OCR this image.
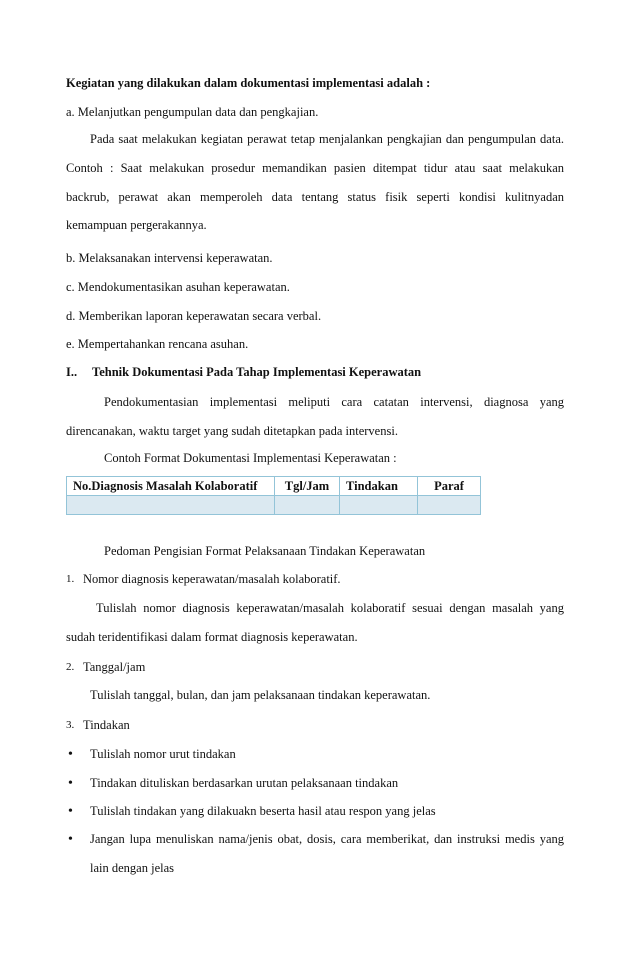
Kegiatan yang dilakukan dalam dokumentasi implementasi adalah :
a. Melanjutkan pengumpulan data dan pengkajian.
Pada saat melakukan kegiatan perawat tetap menjalankan pengkajian dan pengumpulan data.
Contoh : Saat melakukan prosedur memandikan pasien ditempat tidur atau saat melakukan
backrub, perawat akan memperoleh data tentang status fisik seperti kondisi kulitnyadan
kemampuan pergerakannya.
b. Melaksanakan intervensi keperawatan.
c. Mendokumentasikan asuhan keperawatan.
d. Memberikan laporan keperawatan secara verbal.
e. Mempertahankan rencana asuhan.
I.. Tehnik Dokumentasi Pada Tahap Implementasi Keperawatan
Pendokumentasian implementasi meliputi cara catatan intervensi, diagnosa yang
direncanakan, waktu target yang sudah ditetapkan pada intervensi.
Contoh Format Dokumentasi Implementasi Keperawatan :
No.Diagnosis Masalah Kolaboratif	Tgl/Jam	Tindakan	Paraf

Pedoman Pengisian Format Pelaksanaan Tindakan Keperawatan
1. Nomor diagnosis keperawatan/masalah kolaboratif.
Tulislah nomor diagnosis keperawatan/masalah kolaboratif sesuai dengan masalah yang
sudah teridentifikasi dalam format diagnosis keperawatan.
2. Tanggal/jam
Tulislah tanggal, bulan, dan jam pelaksanaan tindakan keperawatan.
3. Tindakan
• Tulislah nomor urut tindakan
• Tindakan dituliskan berdasarkan urutan pelaksanaan tindakan
• Tulislah tindakan yang dilakuakn beserta hasil atau respon yang jelas
• Jangan lupa menuliskan nama/jenis obat, dosis, cara memberikat, dan instruksi medis yang
lain dengan jelas
